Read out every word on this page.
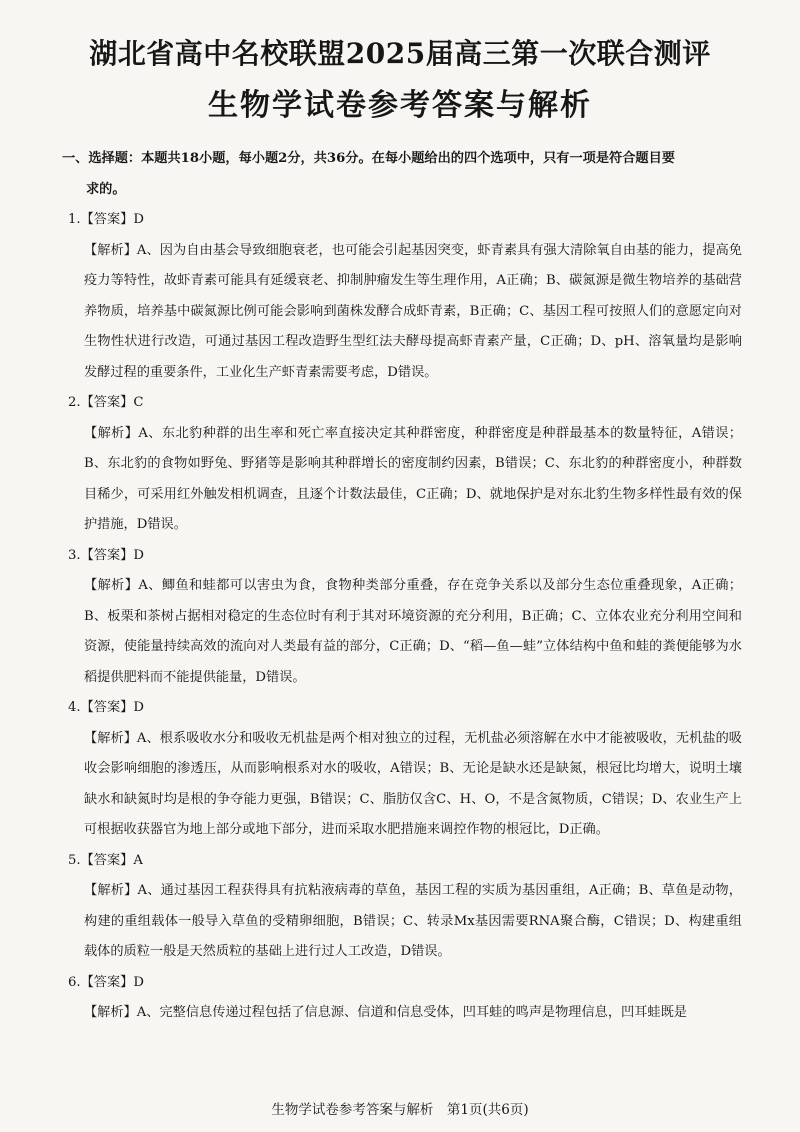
湖北省高中名校联盟2025届高三第一次联合测评
生物学试卷参考答案与解析

一、选择题：本题共18小题，每小题2分，共36分。在每小题给出的四个选项中，只有一项是符合题目要
求的。

1.【答案】D

【解析】A、因为自由基会导致细胞衰老，也可能会引起基因突变，虾青素具有强大清除氧自由基的能力，提高免疫力等特性，故虾青素可能具有延缓衰老、抑制肿瘤发生等生理作用，A正确；B、碳氮源是微生物培养的基础营养物质，培养基中碳氮源比例可能会影响到菌株发酵合成虾青素，B正确；C、基因工程可按照人们的意愿定向对生物性状进行改造，可通过基因工程改造野生型红法夫酵母提高虾青素产量，C正确；D、pH、溶氧量均是影响发酵过程的重要条件，工业化生产虾青素需要考虑，D错误。

2.【答案】C

【解析】A、东北豹种群的出生率和死亡率直接决定其种群密度，种群密度是种群最基本的数量特征，A错误；B、东北豹的食物如野兔、野猪等是影响其种群增长的密度制约因素，B错误；C、东北豹的种群密度小，种群数目稀少，可采用红外触发相机调查，且逐个计数法最佳，C正确；D、就地保护是对东北豹生物多样性最有效的保护措施，D错误。

3.【答案】D

【解析】A、鲫鱼和蛙都可以害虫为食，食物种类部分重叠，存在竞争关系以及部分生态位重叠现象，A正确；B、板栗和茶树占据相对稳定的生态位时有利于其对环境资源的充分利用，B正确；C、立体农业充分利用空间和资源，使能量持续高效的流向对人类最有益的部分，C正确；D、“稻—鱼—蛙”立体结构中鱼和蛙的粪便能够为水稻提供肥料而不能提供能量，D错误。

4.【答案】D

【解析】A、根系吸收水分和吸收无机盐是两个相对独立的过程，无机盐必须溶解在水中才能被吸收，无机盐的吸收会影响细胞的渗透压，从而影响根系对水的吸收，A错误；B、无论是缺水还是缺氮，根冠比均增大，说明土壤缺水和缺氮时均是根的争夺能力更强，B错误；C、脂肪仅含C、H、O，不是含氮物质，C错误；D、农业生产上可根据收获器官为地上部分或地下部分，进而采取水肥措施来调控作物的根冠比，D正确。

5.【答案】A

【解析】A、通过基因工程获得具有抗粘液病毒的草鱼，基因工程的实质为基因重组，A正确；B、草鱼是动物，构建的重组载体一般导入草鱼的受精卵细胞，B错误；C、转录Mx基因需要RNA聚合酶，C错误；D、构建重组载体的质粒一般是天然质粒的基础上进行过人工改造，D错误。

6.【答案】D

【解析】A、完整信息传递过程包括了信息源、信道和信息受体，凹耳蛙的鸣声是物理信息，凹耳蛙既是

生物学试卷参考答案与解析　第1页(共6页)
